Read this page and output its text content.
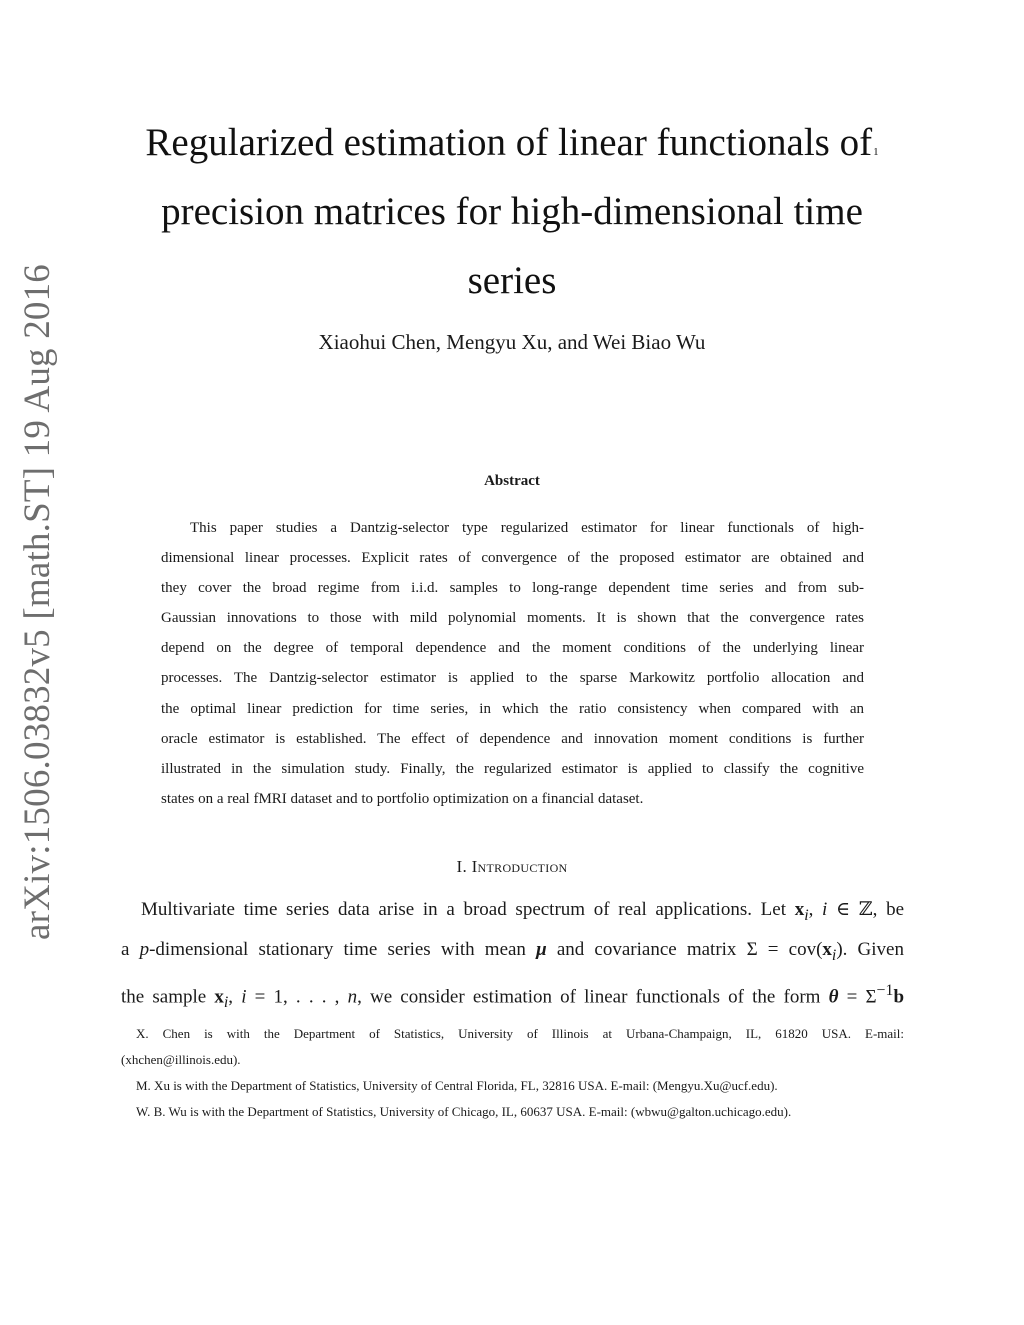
arXiv:1506.03832v5 [math.ST] 19 Aug 2016
Regularized estimation of linear functionals $of^1$
precision matrices for high-dimensional time
series
Xiaohui Chen, Mengyu Xu, and Wei Biao Wu
Abstract

This paper studies a Dantzig-selector type regularized estimator for linear functionals of high-
dimensional linear processes. Explicit rates of convergence of the proposed estimator are obtained and
they cover the broad regime from i.i.d. samples to long-range dependent time series and from sub-
Gaussian innovations to those with mild polynomial moments. It is shown that the convergence rates
depend on the degree of temporal dependence and the moment conditions of the underlying linear
processes. The Dantzig-selector estimator is applied to the sparse Markowitz portfolio allocation and
the optimal linear prediction for time series, in which the ratio consistency when compared with an
oracle estimator is established. The effect of dependence and innovation moment conditions is further
illustrated in the simulation study. Finally, the regularized estimator is applied to classify the cognitive
states on a real fMRI dataset and to portfolio optimization on a financial dataset.

I. Introduction

Multivariate time series data arise in a broad spectrum of real applications. Let $x_i$, i ∈ ℤ, be
a p-dimensional stationary time series with mean μ and covariance matrix $\Sigma = cov(x_i)$. Given
the sample $x_i$, i = 1, . . . , n, we consider estimation of linear functionals of the form $\theta = \Sigma^{-1}b$

X. Chen is with the Department of Statistics, University of Illinois at Urbana-Champaign, IL, 61820 USA. E-mail:
(xhchen@illinois.edu).
M. Xu is with the Department of Statistics, University of Central Florida, FL, 32816 USA. E-mail: (Mengyu.Xu@ucf.edu).
W. B. Wu is with the Department of Statistics, University of Chicago, IL, 60637 USA. E-mail: (wbwu@galton.uchicago.edu).
